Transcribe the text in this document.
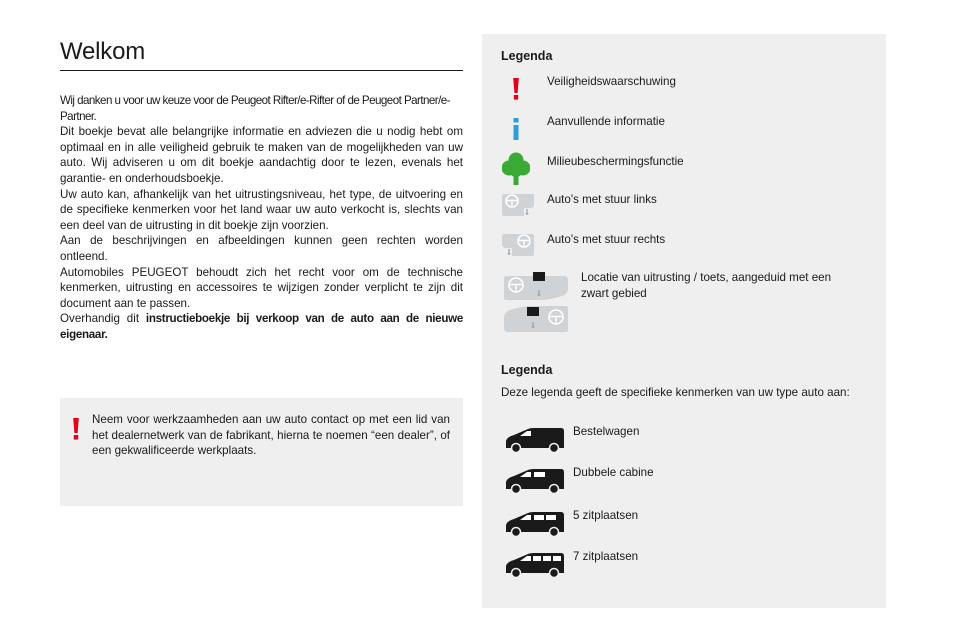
Welkom

Wij danken u voor uw keuze voor de Peugeot Rifter/e-Rifter of de Peugeot Partner/e-Partner.

Dit boekje bevat alle belangrijke informatie en adviezen die u nodig hebt om optimaal en in alle veiligheid gebruik te maken van de mogelijkheden van uw auto. Wij adviseren u om dit boekje aandachtig door te lezen, evenals het garantie- en onderhoudsboekje.

Uw auto kan, afhankelijk van het uitrustingsniveau, het type, de uitvoering en de specifieke kenmerken voor het land waar uw auto verkocht is, slechts van een deel van de uitrusting in dit boekje zijn voorzien.

Aan de beschrijvingen en afbeeldingen kunnen geen rechten worden ontleend.

Automobiles PEUGEOT behoudt zich het recht voor om de technische kenmerken, uitrusting en accessoires te wijzigen zonder verplicht te zijn dit document aan te passen.

Overhandig dit instructieboekje bij verkoop van de auto aan de nieuwe eigenaar.

Neem voor werkzaamheden aan uw auto contact op met een lid van het dealernetwerk van de fabrikant, hierna te noemen “een dealer”, of een gekwalificeerde werkplaats.
Legenda
Veiligheidswaarschuwing
Aanvullende informatie
Milieubeschermingsfunctie
Auto's met stuur links
Auto's met stuur rechts
Locatie van uitrusting / toets, aangeduid met een zwart gebied
Legenda
Deze legenda geeft de specifieke kenmerken van uw type auto aan:
Bestelwagen
Dubbele cabine
5 zitplaatsen
7 zitplaatsen
